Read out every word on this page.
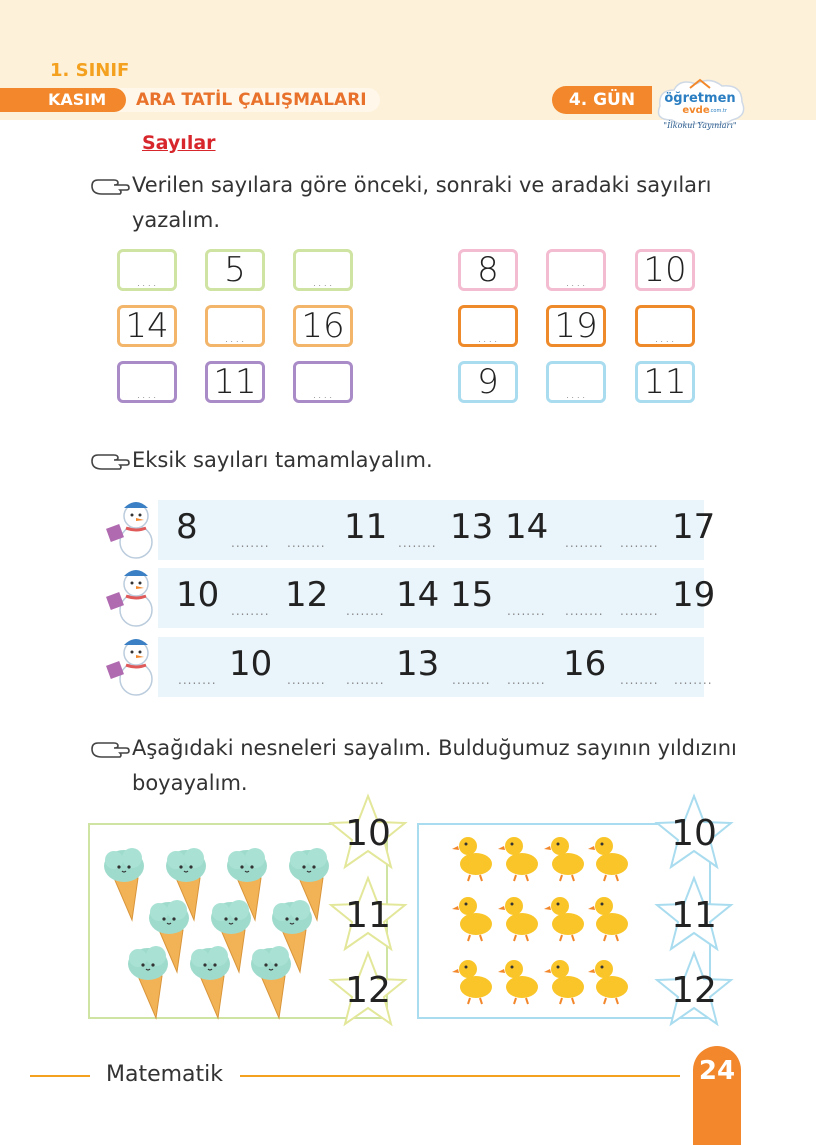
1. SINIF
KASIM	ARA TATİL ÇALIŞMALARI	4. GÜN	öğretmen
evde .com.tr
"İlkokul Yayınları"
Sayılar
Verilen sayılara göre önceki, sonraki ve aradaki sayıları
yazalım.
.... 5	....
14	.... 16
.... 11	....
8	.... 10
.... 19	....
9	.... 11
Eksik sayıları tamamlayalım.
8	........ ........ 11 ........ 13 14 ........ ........ 17
10 ........ 12 ........ 14 15 ........ ........ ........ 19
........ 10 ........ ........ 13 ........ ........ 16 ........ ........
Aşağıdaki nesneleri sayalım. Bulduğumuz sayının yıldızını
boyayalım.
10
11
12
10
11
12
Matematik	24
